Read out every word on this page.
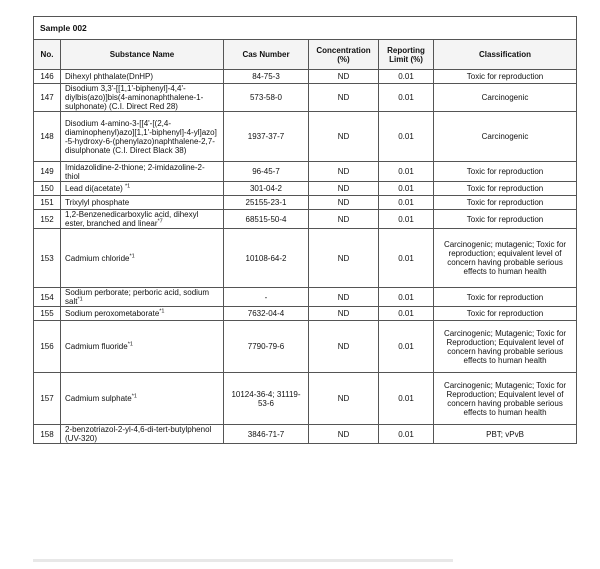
Sample 002					
No.	Substance Name	Cas Number	Concentration (%)	Reporting Limit (%)	Classification
146	Dihexyl phthalate(DnHP)	84-75-3	ND	0.01	Toxic for reproduction
147	Disodium 3,3'-[[1,1'-biphenyl]-4,4'-diylbis(azo)]bis(4-aminonaphthalene-1-sulphonate) (C.I. Direct Red 28)	573-58-0	ND	0.01	Carcinogenic
148	Disodium 4-amino-3-[[4'-[(2,4-diaminophenyl)azo][1,1'-biphenyl]-4-yl]azo] -5-hydroxy-6-(phenylazo)naphthalene-2,7-disulphonate (C.I. Direct Black 38)	1937-37-7	ND	0.01	Carcinogenic
149	Imidazolidine-2-thione; 2-imidazoline-2-thiol	96-45-7	ND	0.01	Toxic for reproduction
150	Lead di(acetate) $^{*1}$	301-04-2	ND	0.01	Toxic for reproduction
151	Trixylyl phosphate	25155-23-1	ND	0.01	Toxic for reproduction
152	1,2-Benzenedicarboxylic acid, dihexyl ester, branched and linear$^{*7}$	68515-50-4	ND	0.01	Toxic for reproduction
153	Cadmium chloride$^{*1}$	10108-64-2	ND	0.01	Carcinogenic; mutagenic; Toxic for reproduction; equivalent level of concern having probable serious effects to human health
154	Sodium perborate; perboric acid, sodium salt$^{*1}$	-	ND	0.01	Toxic for reproduction
155	Sodium peroxometaborate$^{*1}$	7632-04-4	ND	0.01	Toxic for reproduction
156	Cadmium fluoride$^{*1}$	7790-79-6	ND	0.01	Carcinogenic; Mutagenic; Toxic for Reproduction; Equivalent level of concern having probable serious effects to human health
157	Cadmium sulphate$^{*1}$	10124-36-4; 31119-53-6	ND	0.01	Carcinogenic; Mutagenic; Toxic for Reproduction; Equivalent level of concern having probable serious effects to human health
158	2-benzotriazol-2-yl-4,6-di-tert-butylphenol (UV-320)	3846-71-7	ND	0.01	PBT; vPvB
